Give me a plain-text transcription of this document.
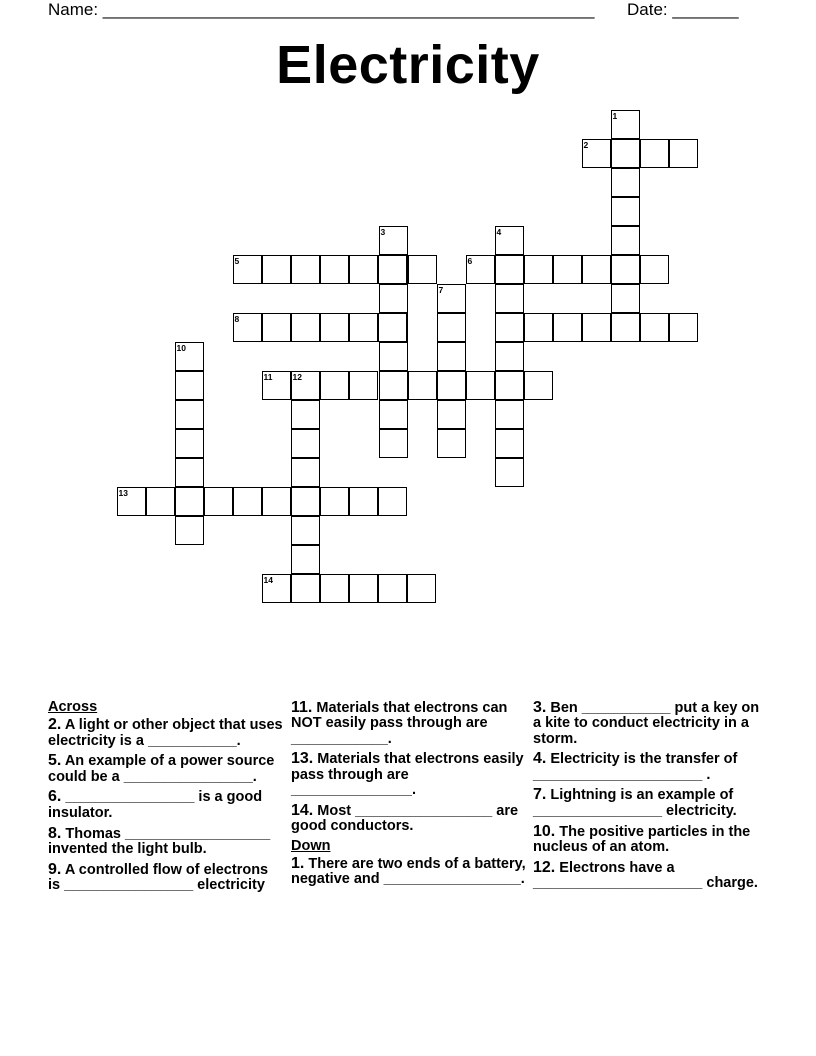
Name: ____________________________________________________ Date: _______
Electricity
1
2
3	4
5	6
7
8
10
11 12
13
14
Across
2. A light or other object that uses electricity is a ___________.
5. An example of a power source could be a ________________.
6. ________________ is a good insulator.
8. Thomas __________________ invented the light bulb.
9. A controlled flow of electrons is ________________ electricity
11. Materials that electrons can NOT easily pass through are ____________.
13. Materials that electrons easily pass through are _______________.
14. Most _________________ are good conductors.
Down
1. There are two ends of a battery, negative and _________________.
3. Ben ___________ put a key on a kite to conduct electricity in a storm.
4. Electricity is the transfer of _____________________ .
7. Lightning is an example of ________________ electricity.
10. The positive particles in the nucleus of an atom.
12. Electrons have a _____________________ charge.
